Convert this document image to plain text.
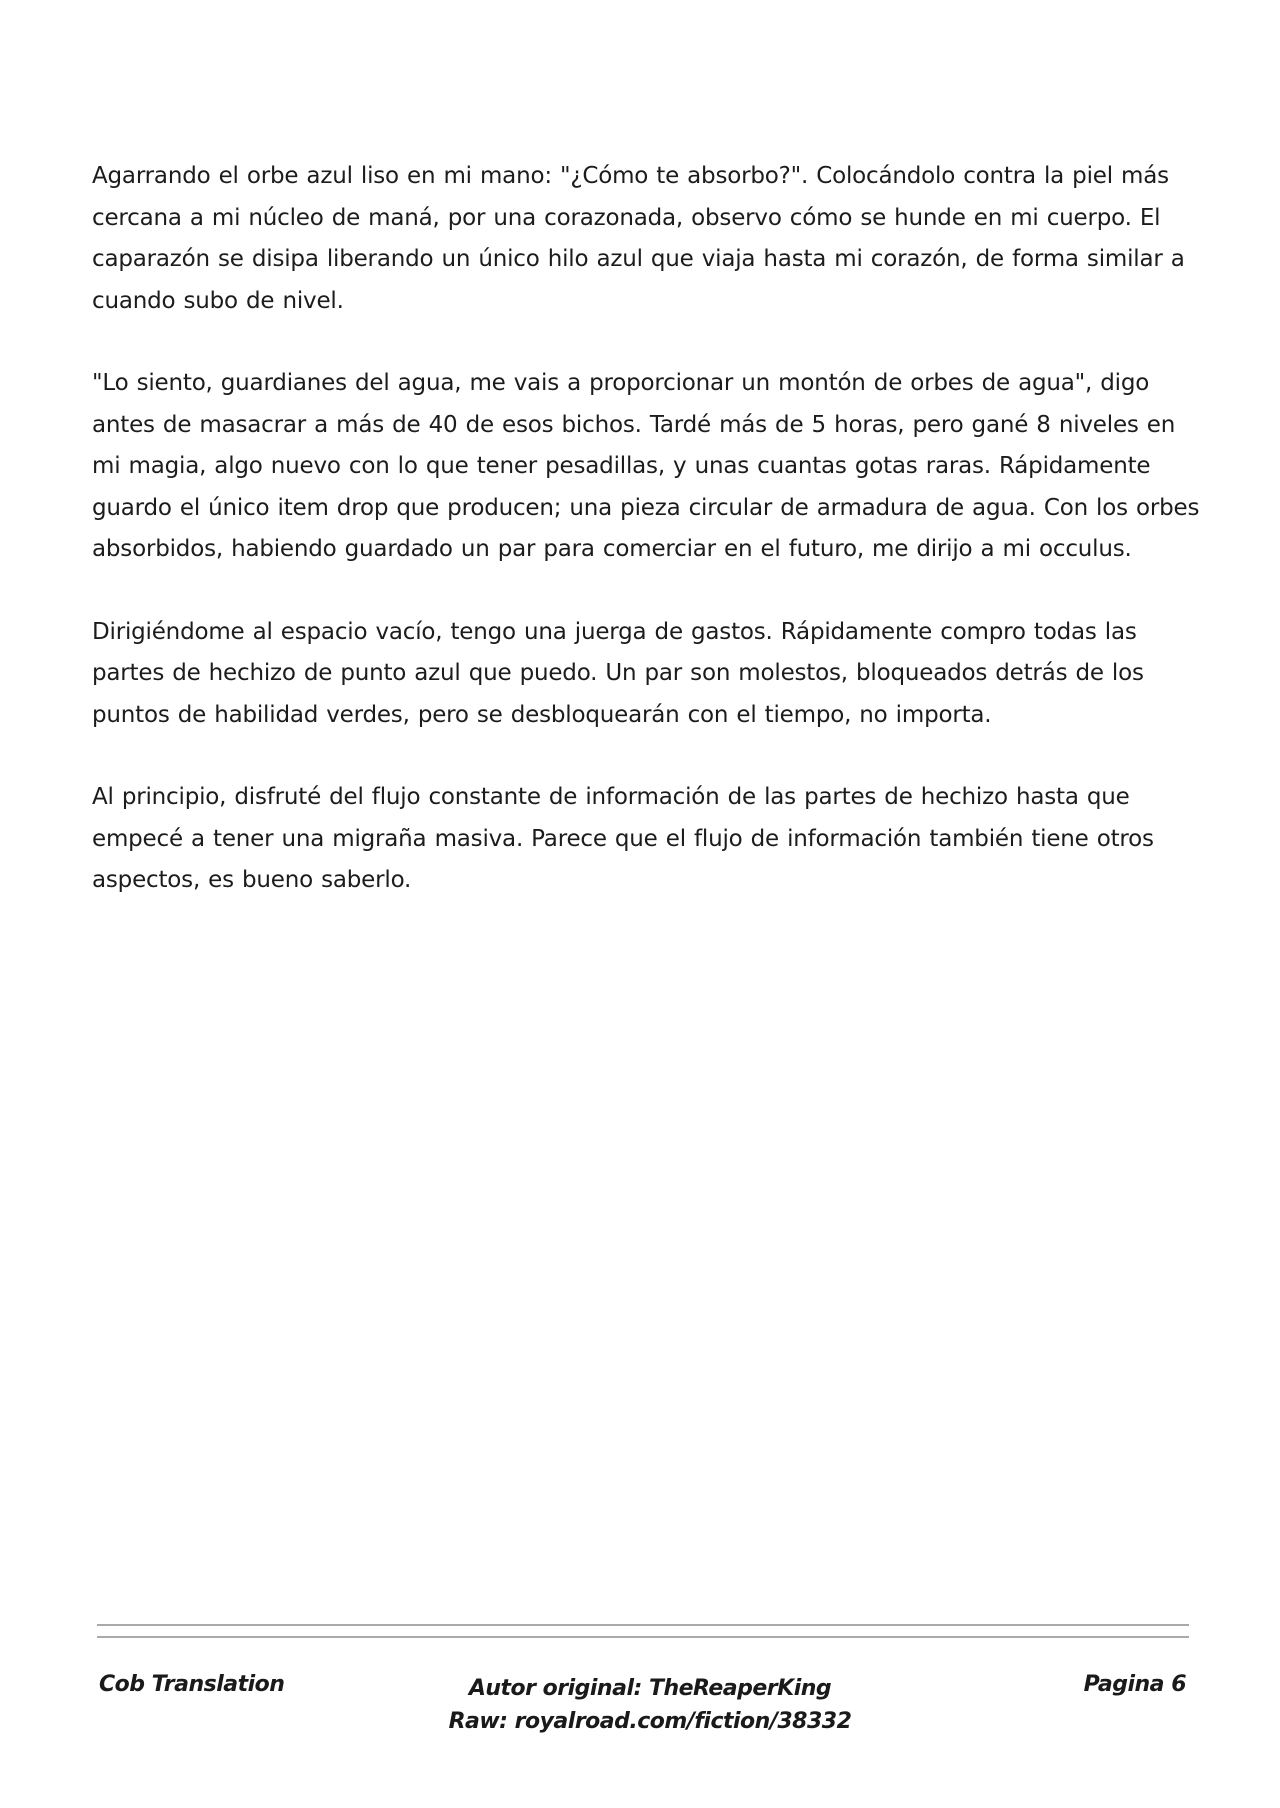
Agarrando el orbe azul liso en mi mano: "¿Cómo te absorbo?". Colocándolo contra la piel más cercana a mi núcleo de maná, por una corazonada, observo cómo se hunde en mi cuerpo. El caparazón se disipa liberando un único hilo azul que viaja hasta mi corazón, de forma similar a cuando subo de nivel.

"Lo siento, guardianes del agua, me vais a proporcionar un montón de orbes de agua", digo antes de masacrar a más de 40 de esos bichos. Tardé más de 5 horas, pero gané 8 niveles en mi magia, algo nuevo con lo que tener pesadillas, y unas cuantas gotas raras. Rápidamente guardo el único item drop que producen; una pieza circular de armadura de agua. Con los orbes absorbidos, habiendo guardado un par para comerciar en el futuro, me dirijo a mi occulus.

Dirigiéndome al espacio vacío, tengo una juerga de gastos. Rápidamente compro todas las partes de hechizo de punto azul que puedo. Un par son molestos, bloqueados detrás de los puntos de habilidad verdes, pero se desbloquearán con el tiempo, no importa.

Al principio, disfruté del flujo constante de información de las partes de hechizo hasta que empecé a tener una migraña masiva. Parece que el flujo de información también tiene otros aspectos, es bueno saberlo.

Cob Translation	Autor original: TheReaperKing
Raw: royalroad.com/fiction/38332
Pagina 6
